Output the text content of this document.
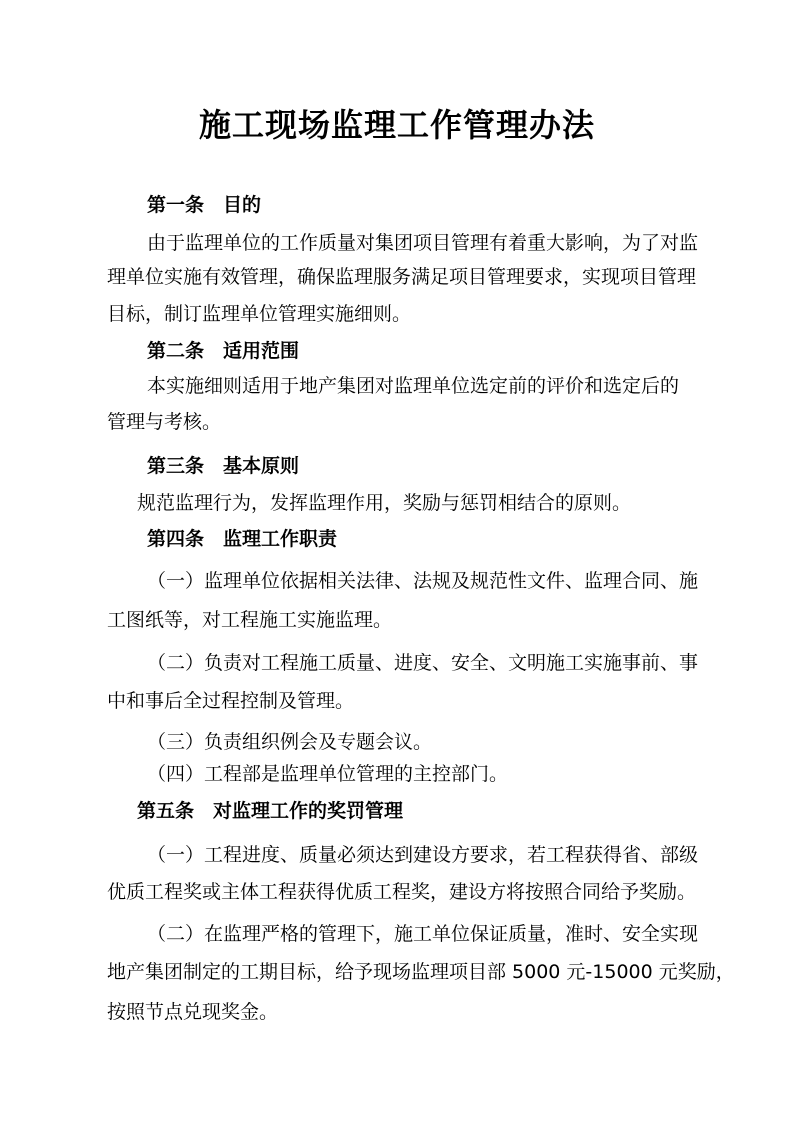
施工现场监理工作管理办法
第一条　目的
由于监理单位的工作质量对集团项目管理有着重大影响，为了对监
理单位实施有效管理，确保监理服务满足项目管理要求，实现项目管理
目标，制订监理单位管理实施细则。
第二条　适用范围
本实施细则适用于地产集团对监理单位选定前的评价和选定后的
管理与考核。
第三条　基本原则
规范监理行为，发挥监理作用，奖励与惩罚相结合的原则。
第四条　监理工作职责
（一）监理单位依据相关法律、法规及规范性文件、监理合同、施
工图纸等，对工程施工实施监理。
（二）负责对工程施工质量、进度、安全、文明施工实施事前、事
中和事后全过程控制及管理。
（三）负责组织例会及专题会议。
（四）工程部是监理单位管理的主控部门。
第五条　对监理工作的奖罚管理
（一）工程进度、质量必须达到建设方要求，若工程获得省、部级
优质工程奖或主体工程获得优质工程奖，建设方将按照合同给予奖励。
（二）在监理严格的管理下，施工单位保证质量，准时、安全实现
地产集团制定的工期目标，给予现场监理项目部 5000 元-15000 元奖励，
按照节点兑现奖金。
